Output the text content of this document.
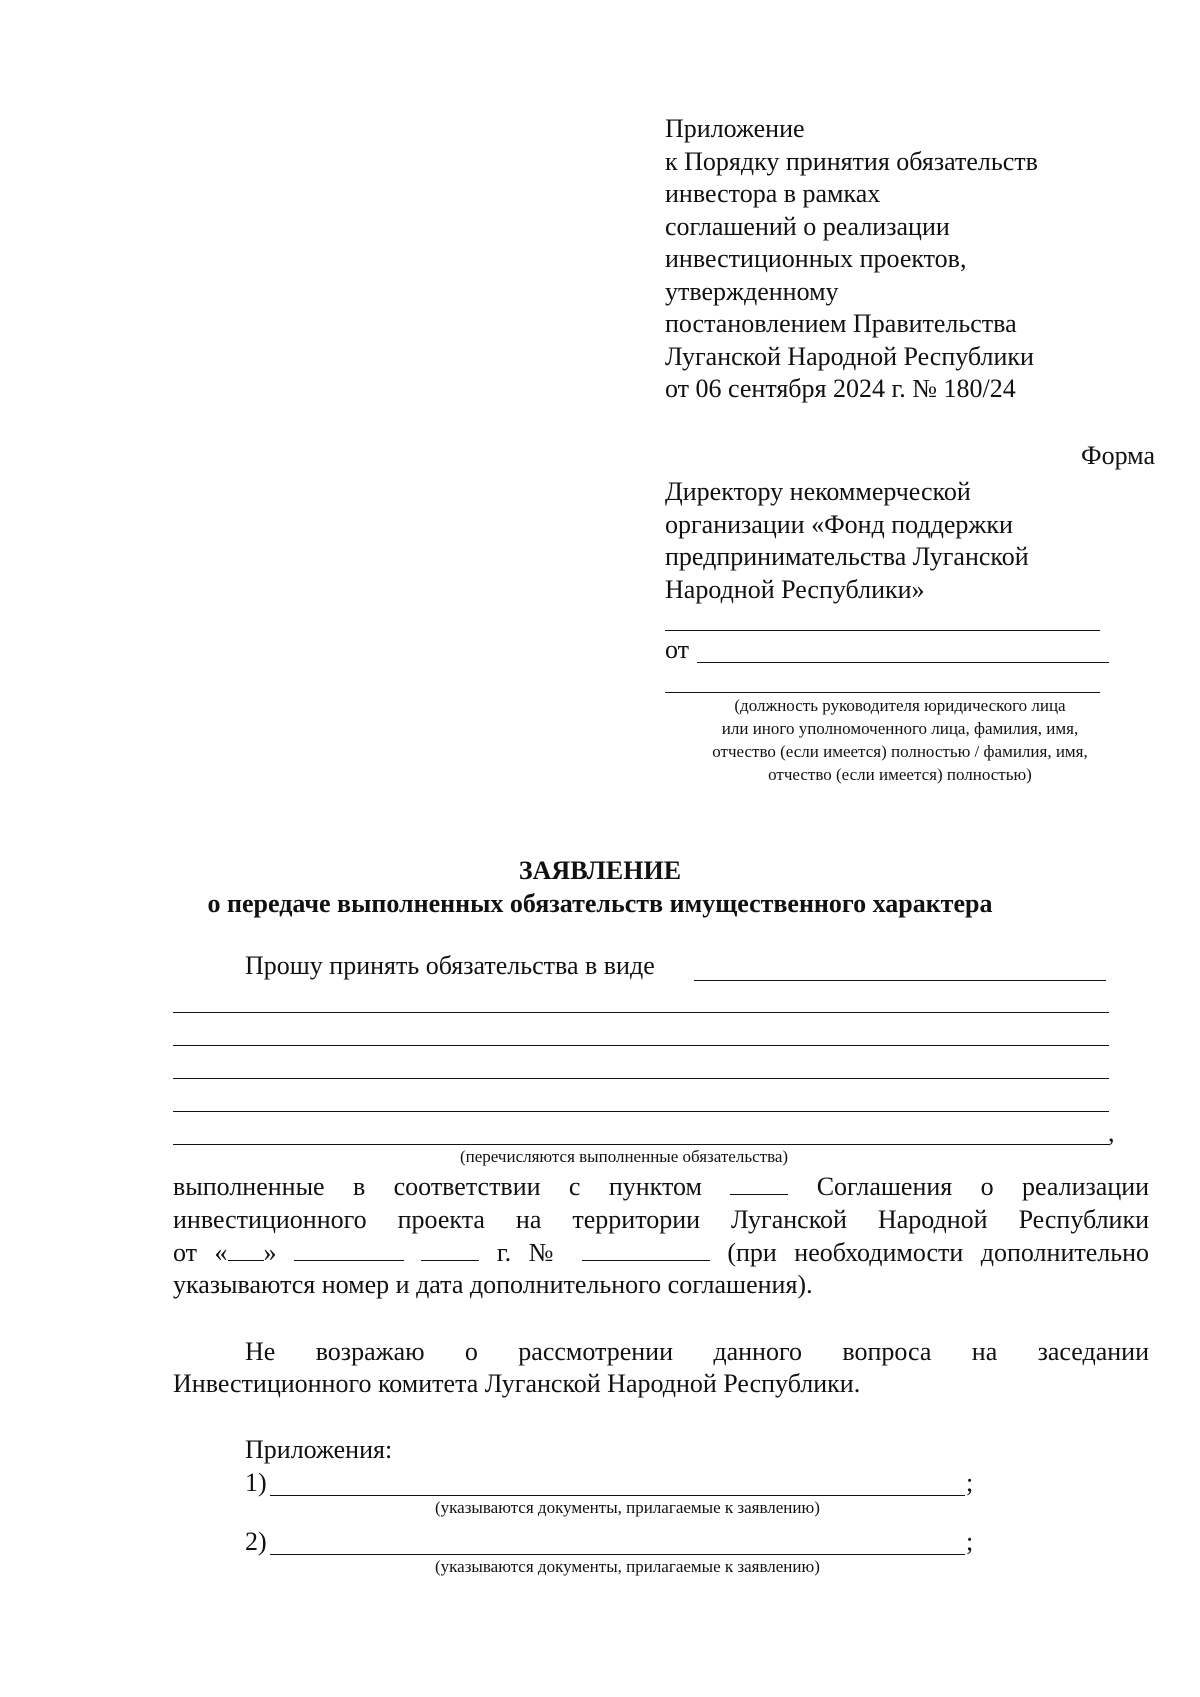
Приложение
к Порядку принятия обязательств
инвестора в рамках
соглашений о реализации
инвестиционных проектов,
утвержденному
постановлением Правительства
Луганской Народной Республики
от 06 сентября 2024 г. № 180/24
Форма
Директору некоммерческой
организации «Фонд поддержки
предпринимательства Луганской
Народной Республики»
от
(должность руководителя юридического лица
или иного уполномоченного лица, фамилия, имя,
отчество (если имеется) полностью / фамилия, имя,
отчество (если имеется) полностью)
ЗАЯВЛЕНИЕ
о передаче выполненных обязательств имущественного характера
Прошу принять обязательства в виде
,
(перечисляются выполненные обязательства)
выполненные в соответствии с пунктом	Соглашения о реализации
инвестиционного проекта на территории Луганской Народной Республики
от « »	г. №	(при необходимости дополнительно
указываются номер и дата дополнительного соглашения).
Не возражаю о рассмотрении данного вопроса на заседании
Инвестиционного комитета Луганской Народной Республики.
Приложения:
1)	;
(указываются документы, прилагаемые к заявлению)
2)	;
(указываются документы, прилагаемые к заявлению)
